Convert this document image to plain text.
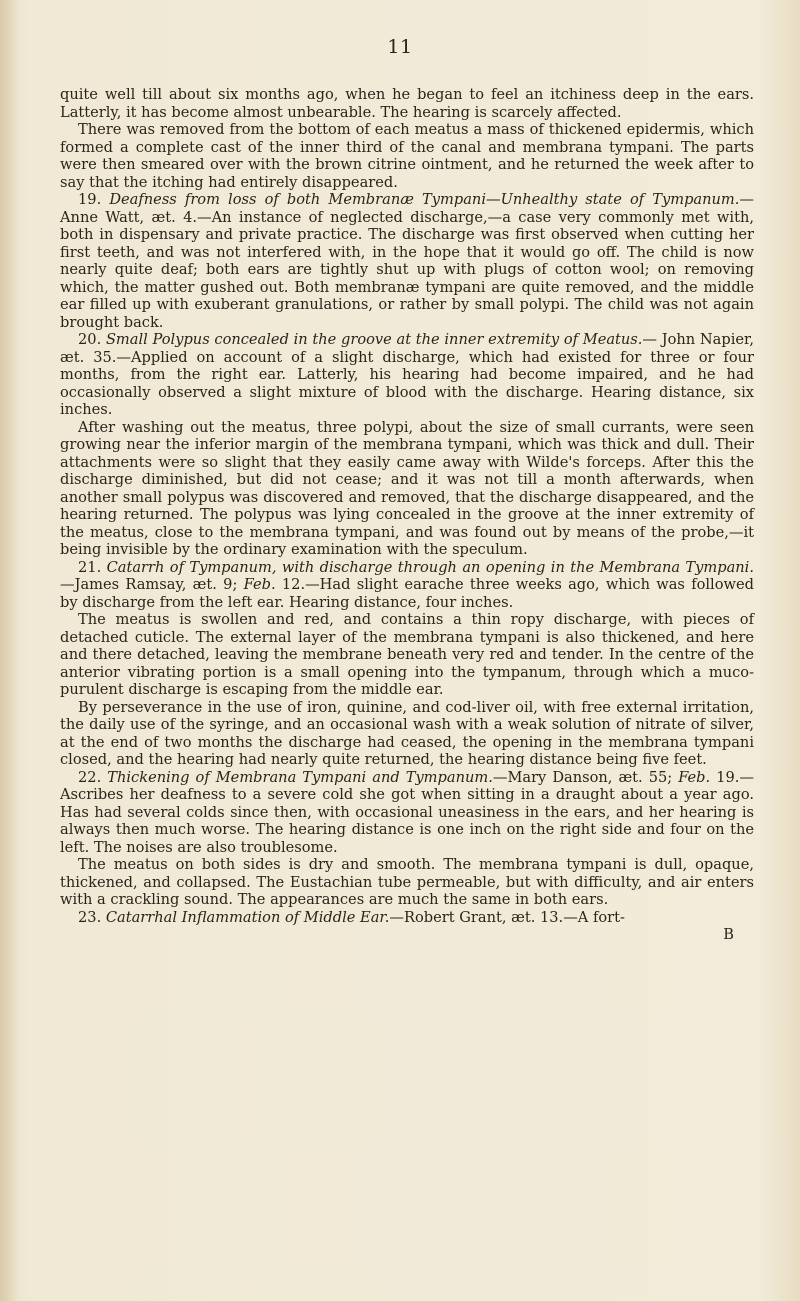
11

quite well till about six months ago, when he began to feel an itchiness deep in the ears. Latterly, it has become almost unbearable. The hearing is scarcely affected.

There was removed from the bottom of each meatus a mass of thickened epidermis, which formed a complete cast of the inner third of the canal and membrana tympani. The parts were then smeared over with the brown citrine ointment, and he returned the week after to say that the itching had entirely disappeared.

19. Deafness from loss of both Membranæ Tympani—Unhealthy state of Tympanum.—Anne Watt, æt. 4.—An instance of neglected discharge,—a case very commonly met with, both in dispensary and private practice. The discharge was first observed when cutting her first teeth, and was not interfered with, in the hope that it would go off. The child is now nearly quite deaf; both ears are tightly shut up with plugs of cotton wool; on removing which, the matter gushed out. Both membranæ tympani are quite removed, and the middle ear filled up with exuberant granulations, or rather by small polypi. The child was not again brought back.

20. Small Polypus concealed in the groove at the inner extremity of Meatus.— John Napier, æt. 35.—Applied on account of a slight discharge, which had existed for three or four months, from the right ear. Latterly, his hearing had become impaired, and he had occasionally observed a slight mixture of blood with the discharge. Hearing distance, six inches.

After washing out the meatus, three polypi, about the size of small currants, were seen growing near the inferior margin of the membrana tympani, which was thick and dull. Their attachments were so slight that they easily came away with Wilde's forceps. After this the discharge diminished, but did not cease; and it was not till a month afterwards, when another small polypus was discovered and removed, that the discharge disappeared, and the hearing returned. The polypus was lying concealed in the groove at the inner extremity of the meatus, close to the membrana tympani, and was found out by means of the probe,—it being invisible by the ordinary examination with the speculum.

21. Catarrh of Tympanum, with discharge through an opening in the Membrana Tympani.—James Ramsay, æt. 9; Feb. 12.—Had slight earache three weeks ago, which was followed by discharge from the left ear. Hearing distance, four inches.

The meatus is swollen and red, and contains a thin ropy discharge, with pieces of detached cuticle. The external layer of the membrana tympani is also thickened, and here and there detached, leaving the membrane beneath very red and tender. In the centre of the anterior vibrating portion is a small opening into the tympanum, through which a muco-purulent discharge is escaping from the middle ear.

By perseverance in the use of iron, quinine, and cod-liver oil, with free external irritation, the daily use of the syringe, and an occasional wash with a weak solution of nitrate of silver, at the end of two months the discharge had ceased, the opening in the membrana tympani closed, and the hearing had nearly quite returned, the hearing distance being five feet.

22. Thickening of Membrana Tympani and Tympanum.—Mary Danson, æt. 55; Feb. 19.—Ascribes her deafness to a severe cold she got when sitting in a draught about a year ago. Has had several colds since then, with occasional uneasiness in the ears, and her hearing is always then much worse. The hearing distance is one inch on the right side and four on the left. The noises are also troublesome.

The meatus on both sides is dry and smooth. The membrana tympani is dull, opaque, thickened, and collapsed. The Eustachian tube permeable, but with difficulty, and air enters with a crackling sound. The appearances are much the same in both ears.

23. Catarrhal Inflammation of Middle Ear.—Robert Grant, æt. 13.—A fort-

B
